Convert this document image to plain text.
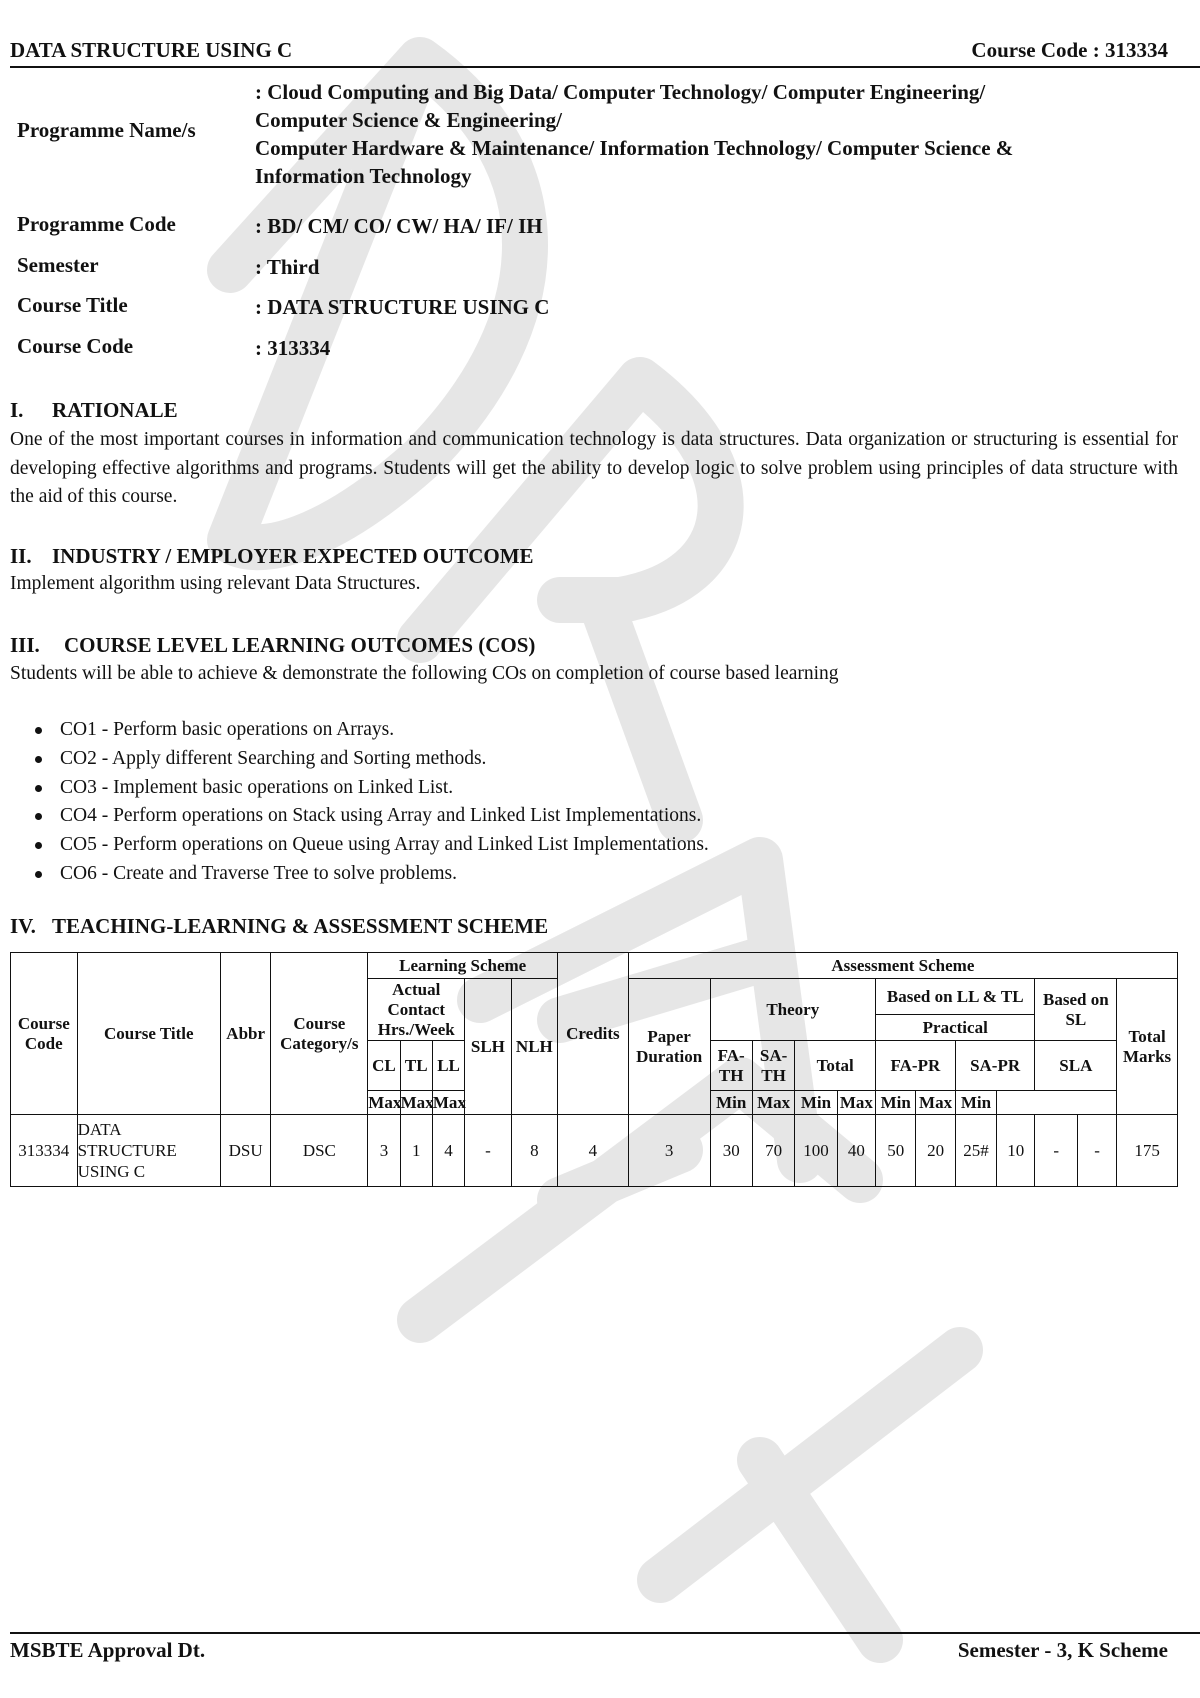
DATA STRUCTURE USING C	Course Code : 313334
Programme Name/s
: Cloud Computing and Big Data/ Computer Technology/ Computer Engineering/
Computer Science & Engineering/
Computer Hardware & Maintenance/ Information Technology/ Computer Science &
Information Technology
Programme Code	: BD/ CM/ CO/ CW/ HA/ IF/ IH
Semester	: Third
Course Title	: DATA STRUCTURE USING C
Course Code	: 313334
I. RATIONALE
One of the most important courses in information and communication technology is data structures. Data organization or structuring is essential for developing effective algorithms and programs. Students will get the ability to develop logic to solve problem using principles of data structure with the aid of this course.
II. INDUSTRY / EMPLOYER EXPECTED OUTCOME
Implement algorithm using relevant Data Structures.
III. COURSE LEVEL LEARNING OUTCOMES (COS)
Students will be able to achieve & demonstrate the following COs on completion of course based learning
CO1 - Perform basic operations on Arrays.
CO2 - Apply different Searching and Sorting methods.
CO3 - Implement basic operations on Linked List.
CO4 - Perform operations on Stack using Array and Linked List Implementations.
CO5 - Perform operations on Queue using Array and Linked List Implementations.
CO6 - Create and Traverse Tree to solve problems.
IV. TEACHING-LEARNING & ASSESSMENT SCHEME
Course Code	Course Title	Abbr	Course Category/s	Learning Scheme					Credits	Assessment Scheme											
				Actual Contact Hrs./Week			SLH	NLH		Paper Duration	Theory				Based on LL & TL				Based on SL		Total Marks
															Practical						
				CL	TL	LL					FA-TH	SA-TH	Total		FA-PR		SA-PR		SLA		
				Max	Max	Max					Min	Max	Min	Max	Min	Max	Min				
313334	DATA STRUCTURE USING C	DSU	DSC	3	1	4	-	8	4	3	30	70	100	40	50	20	25#	10	-	-	175
MSBTE Approval Dt.	Semester - 3, K Scheme
